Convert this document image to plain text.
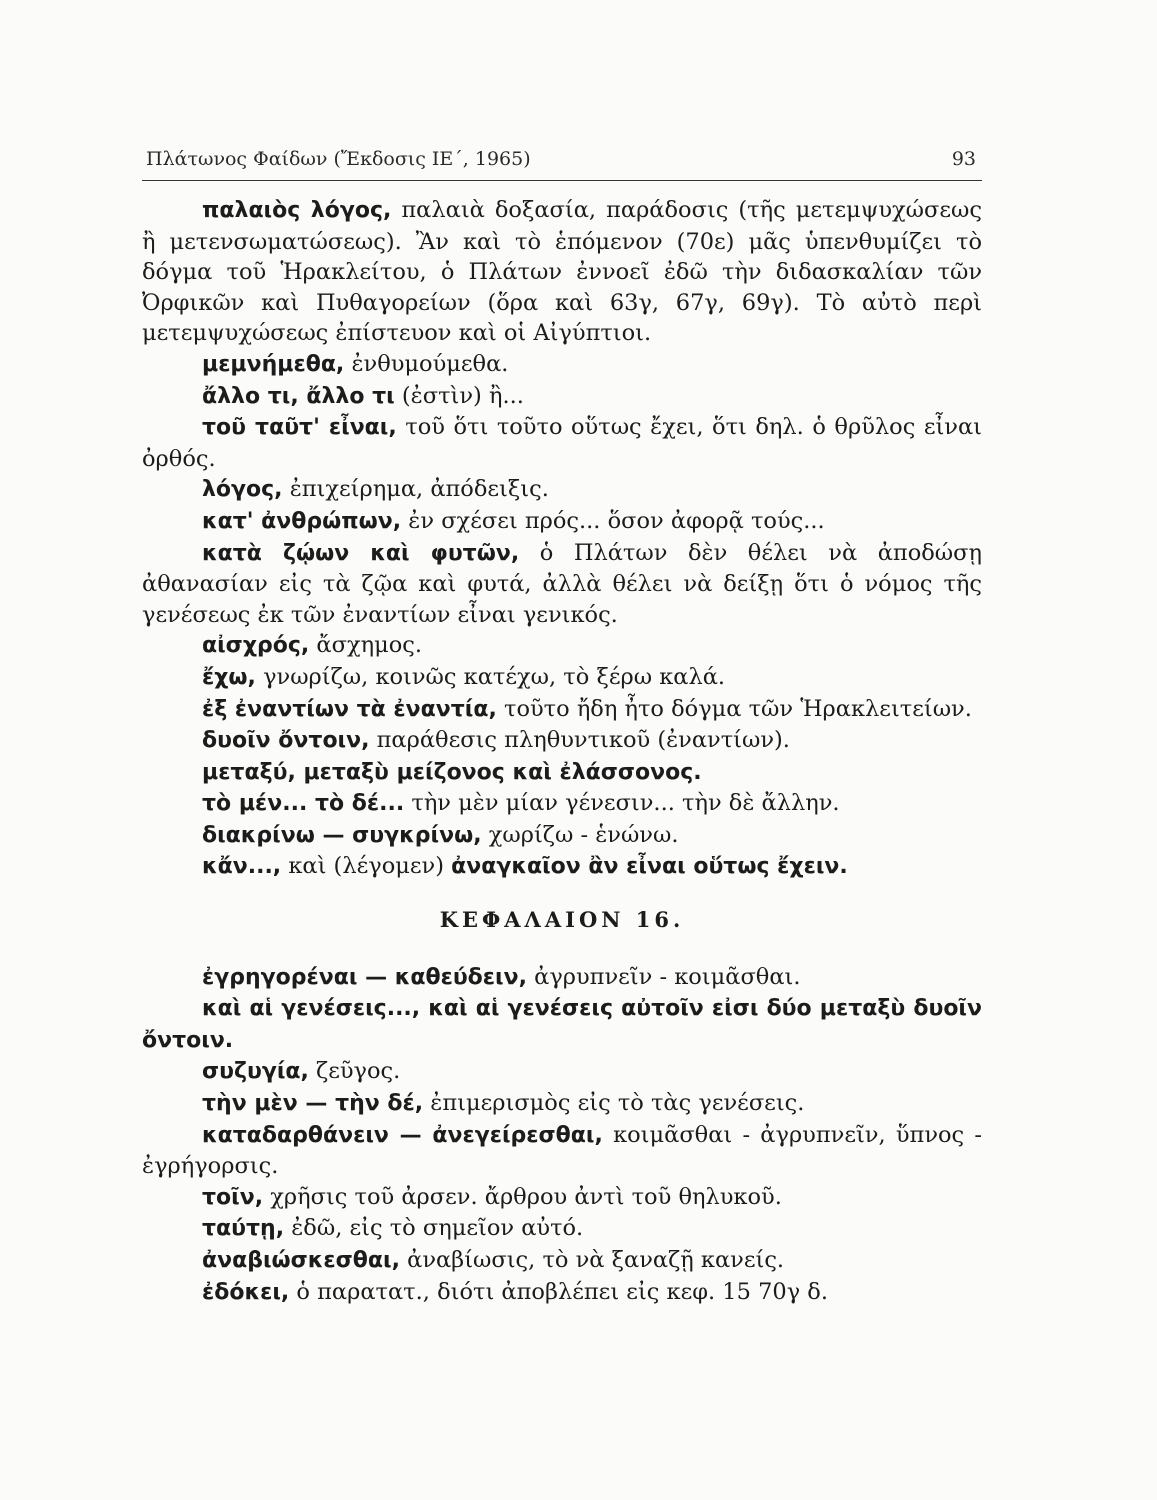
Πλάτωνος Φαίδων (Ἔκδοσις ΙΕ΄, 1965)	93
παλαιὸς λόγος, παλαιὰ δοξασία, παράδοσις (τῆς μετεμψυχώσεως ἢ μετενσωματώσεως). Ἂν καὶ τὸ ἑπόμενον (70ε) μᾶς ὑπενθυμίζει τὸ δόγμα τοῦ Ἡρακλείτου, ὁ Πλάτων ἐννοεῖ ἐδῶ τὴν διδασκαλίαν τῶν Ὀρφικῶν καὶ Πυθαγορείων (ὅρα καὶ 63γ, 67γ, 69γ). Τὸ αὐτὸ περὶ μετεμψυχώσεως ἐπίστευον καὶ οἱ Αἰγύπτιοι.
μεμνήμεθα, ἐνθυμούμεθα.
ἄλλο τι, ἄλλο τι (ἐστὶν) ἢ...
τοῦ ταῦτ' εἶναι, τοῦ ὅτι τοῦτο οὕτως ἔχει, ὅτι δηλ. ὁ θρῦλος εἶναι ὀρθός.
λόγος, ἐπιχείρημα, ἀπόδειξις.
κατ' ἀνθρώπων, ἐν σχέσει πρός... ὅσον ἀφορᾷ τούς...
κατὰ ζῴων καὶ φυτῶν, ὁ Πλάτων δὲν θέλει νὰ ἀποδώσῃ ἀθανασίαν εἰς τὰ ζῷα καὶ φυτά, ἀλλὰ θέλει νὰ δείξῃ ὅτι ὁ νόμος τῆς γενέσεως ἐκ τῶν ἐναντίων εἶναι γενικός.
αἰσχρός, ἄσχημος.
ἔχω, γνωρίζω, κοινῶς κατέχω, τὸ ξέρω καλά.
ἐξ ἐναντίων τὰ ἐναντία, τοῦτο ἤδη ἦτο δόγμα τῶν Ἡρακλειτείων.
δυοῖν ὄντοιν, παράθεσις πληθυντικοῦ (ἐναντίων).
μεταξύ, μεταξὺ μείζονος καὶ ἐλάσσονος.
τὸ μέν... τὸ δέ... τὴν μὲν μίαν γένεσιν... τὴν δὲ ἄλλην.
διακρίνω — συγκρίνω, χωρίζω - ἑνώνω.
κἄν..., καὶ (λέγομεν) ἀναγκαῖον ἂν εἶναι οὕτως ἔχειν.
ΚΕΦΑΛΑΙΟΝ 16.
ἐγρηγορέναι — καθεύδειν, ἀγρυπνεῖν - κοιμᾶσθαι.
καὶ αἱ γενέσεις..., καὶ αἱ γενέσεις αὐτοῖν εἰσι δύο μεταξὺ δυοῖν ὄντοιν.
συζυγία, ζεῦγος.
τὴν μὲν — τὴν δέ, ἐπιμερισμὸς εἰς τὸ τὰς γενέσεις.
καταδαρθάνειν — ἀνεγείρεσθαι, κοιμᾶσθαι - ἀγρυπνεῖν, ὕπνος - ἐγρήγορσις.
τοῖν, χρῆσις τοῦ ἀρσεν. ἄρθρου ἀντὶ τοῦ θηλυκοῦ.
ταύτῃ, ἐδῶ, εἰς τὸ σημεῖον αὐτό.
ἀναβιώσκεσθαι, ἀναβίωσις, τὸ νὰ ξαναζῇ κανείς.
ἐδόκει, ὁ παρατατ., διότι ἀποβλέπει εἰς κεφ. 15 70γ δ.
